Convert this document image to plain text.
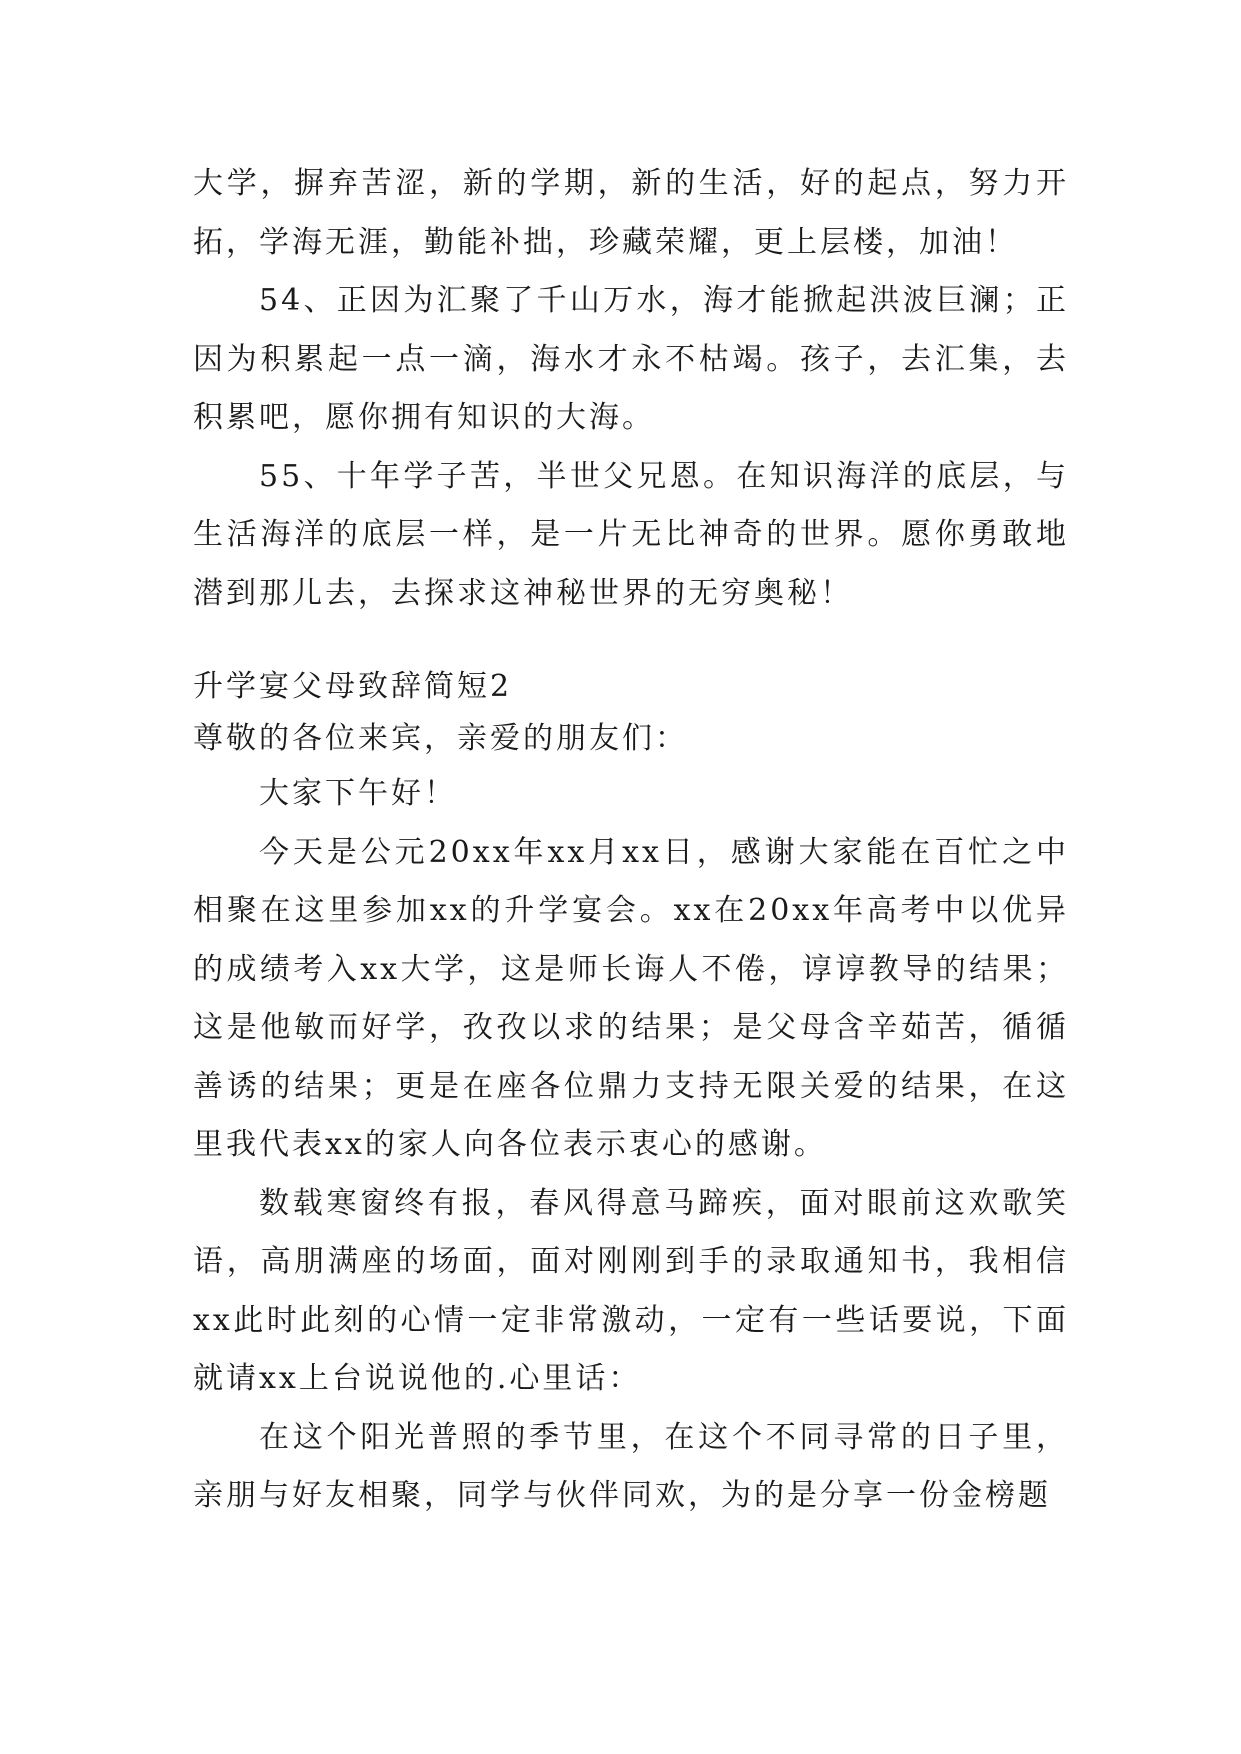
大学，摒弃苦涩，新的学期，新的生活，好的起点，努力开拓，学海无涯，勤能补拙，珍藏荣耀，更上层楼，加油！

54、正因为汇聚了千山万水，海才能掀起洪波巨澜；正因为积累起一点一滴，海水才永不枯竭。孩子，去汇集，去积累吧，愿你拥有知识的大海。

55、十年学子苦，半世父兄恩。在知识海洋的底层，与生活海洋的底层一样，是一片无比神奇的世界。愿你勇敢地潜到那儿去，去探求这神秘世界的无穷奥秘！

升学宴父母致辞简短2

尊敬的各位来宾，亲爱的朋友们：

大家下午好！

今天是公元20xx年xx月xx日，感谢大家能在百忙之中相聚在这里参加xx的升学宴会。xx在20xx年高考中以优异的成绩考入xx大学，这是师长诲人不倦，谆谆教导的结果；这是他敏而好学，孜孜以求的结果；是父母含辛茹苦，循循善诱的结果；更是在座各位鼎力支持无限关爱的结果，在这里我代表xx的家人向各位表示衷心的感谢。

数载寒窗终有报，春风得意马蹄疾，面对眼前这欢歌笑语，高朋满座的场面，面对刚刚到手的录取通知书，我相信xx此时此刻的心情一定非常激动，一定有一些话要说，下面就请xx上台说说他的.心里话：

在这个阳光普照的季节里，在这个不同寻常的日子里，亲朋与好友相聚，同学与伙伴同欢，为的是分享一份金榜题
